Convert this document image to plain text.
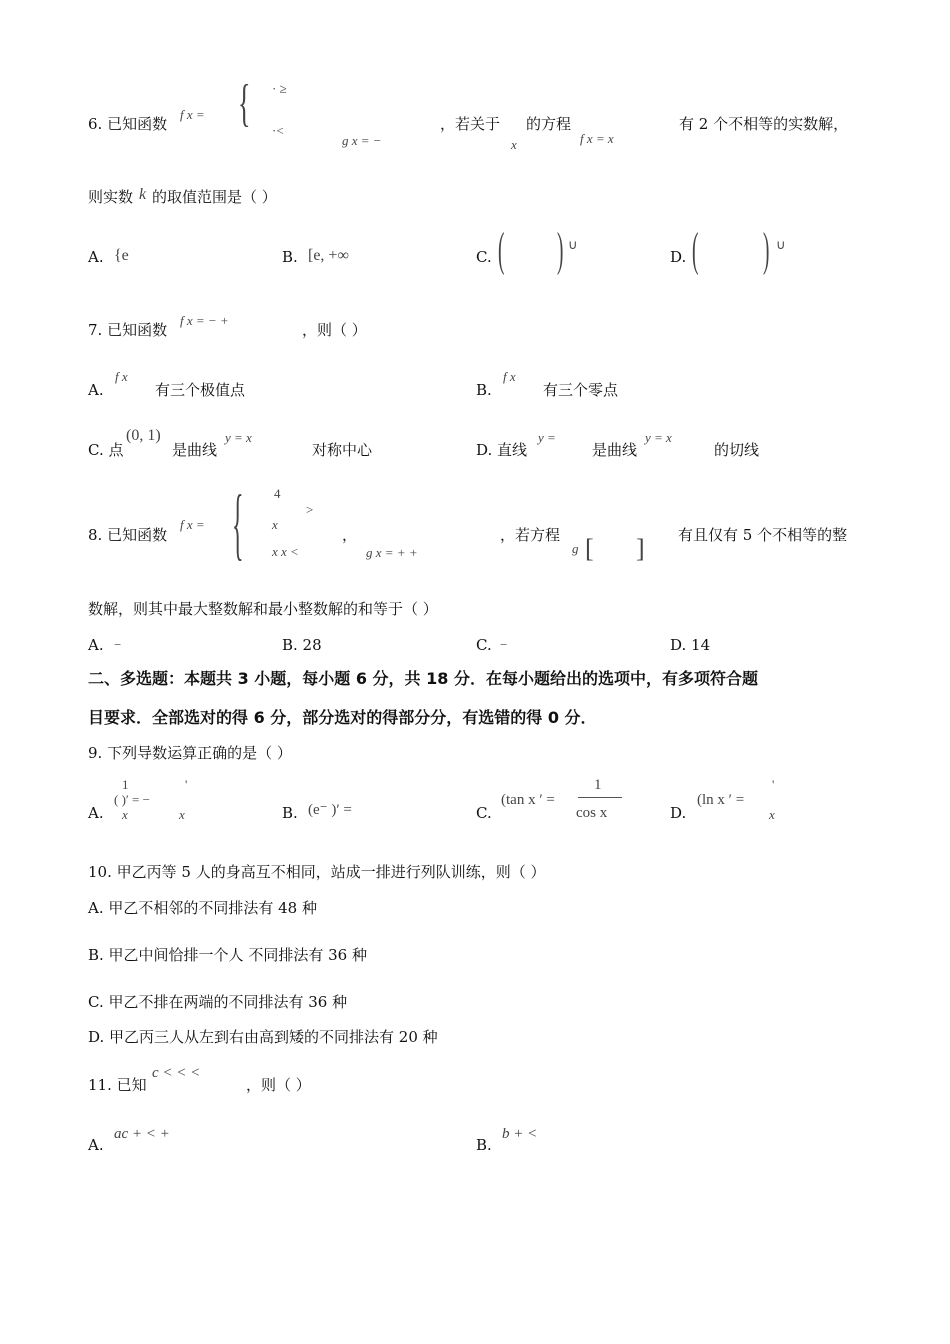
6. 已知函数
f x = { · ≥
·<
g x = −
，若关于
x
的方程
f x = x
有 2 个不相等的实数解，
则实数 k 的取值范围是（ ）
A. {e	B. [e, +∞	C. ( ) ∪
D. ( ) ∪
7. 已知函数
f x = − +
，则（ ）
A.
f x
有三个极值点	B.
f x
有三个零点
C. 点
(0, 1)
是曲线
y = x
对称中心	D. 直线
y =
是曲线
y = x
的切线
8. 已知函数
f x = { 4
>
x
x x <
，
g x = + +
，若方程
g [ ] 有且仅有 5 个不相等的整
数解，则其中最大整数解和最小整数解的和等于（ ）
A. −	B. 28	C. −	D. 14
二、多选题：本题共 3 小题，每小题 6 分，共 18 分．在每小题给出的选项中，有多项符合题
目要求．全部选对的得 6 分，部分选对的得部分分，有选错的得 0 分．
9. 下列导数运算正确的是（ ）
A.
1
( )′ = −
'
x	x	B. (e⁻ )′ =	C.
(tan x ′ =
1
cos x	D.
(ln x ′ =
'
x
10. 甲乙丙等 5 人的身高互不相同，站成一排进行列队训练，则（ ）
A. 甲乙不相邻的不同排法有 48 种
B. 甲乙中间恰排一个人 不同排法有 36 种
C. 甲乙不排在两端的不同排法有 36 种
D. 甲乙丙三人从左到右由高到矮的不同排法有 20 种
11. 已知
c < < <
，则（ ）
A.
ac + < +
B.
b + <
